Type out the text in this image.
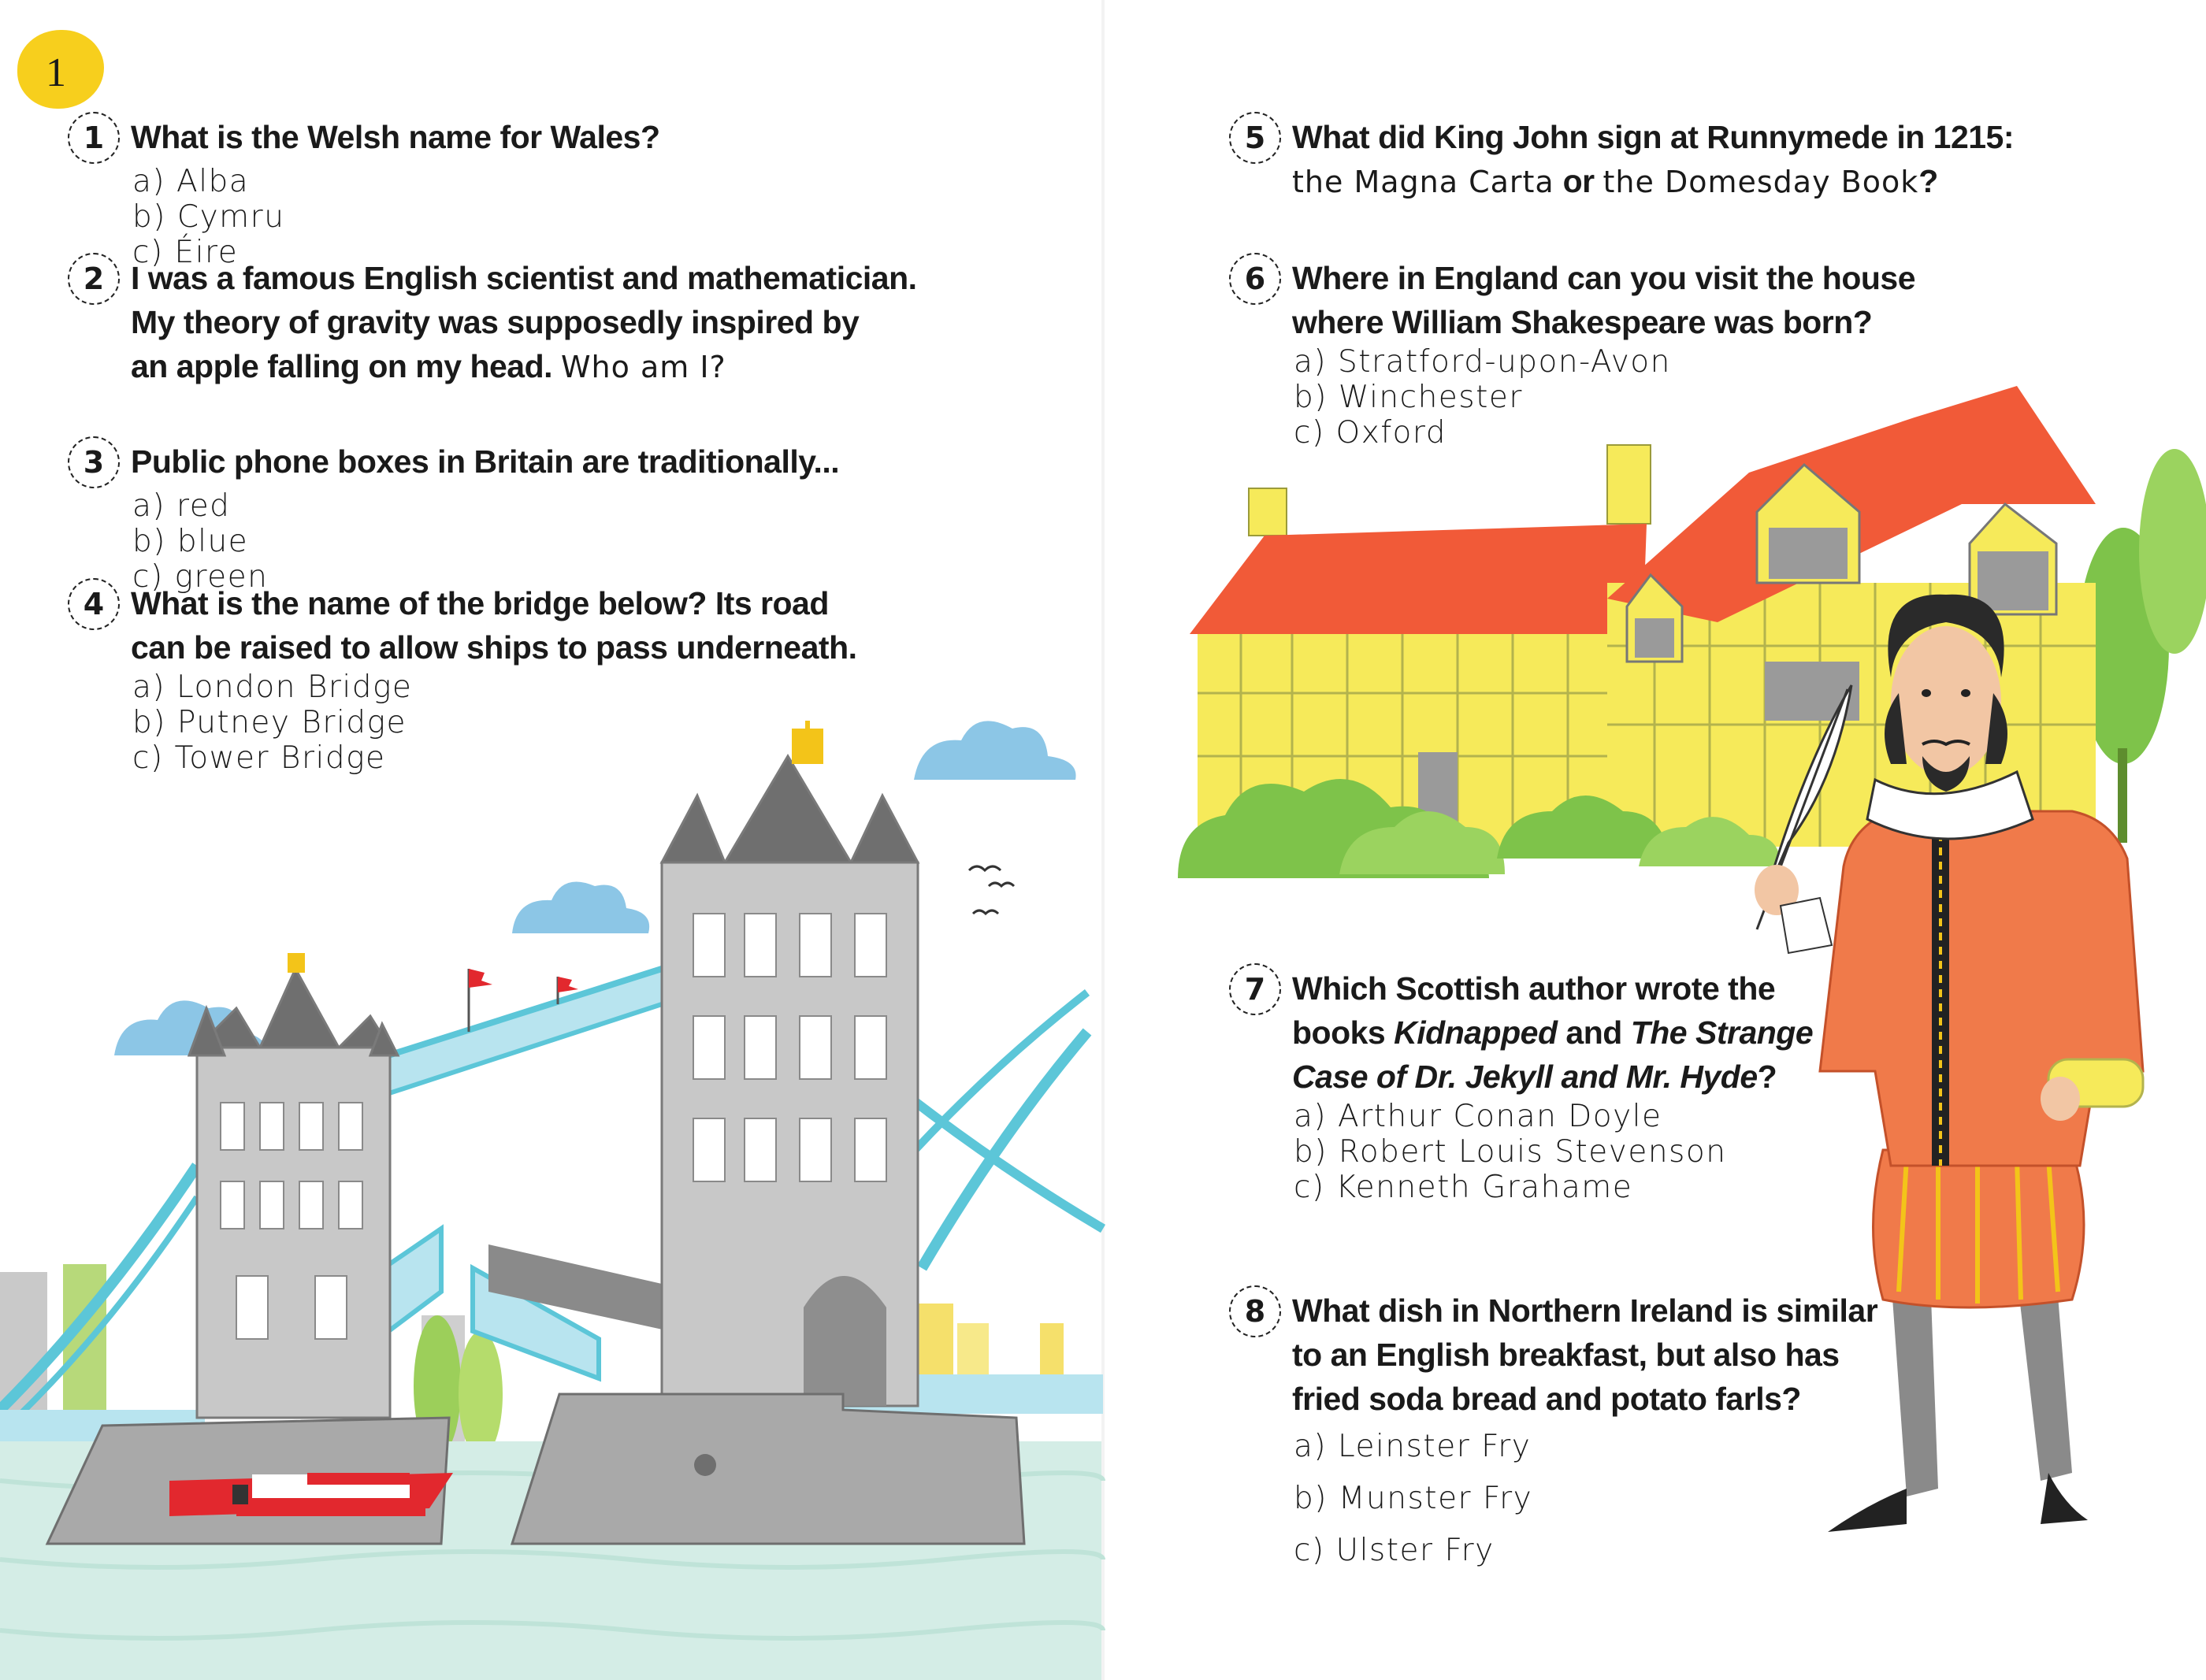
1
1 What is the Welsh name for Wales?
a) Alba
b) Cymru
c) Éire
2 I was a famous English scientist and mathematician.
My theory of gravity was supposedly inspired by
an apple falling on my head. Who am I?
3 Public phone boxes in Britain are traditionally...
a) red
b) blue
c) green
4 What is the name of the bridge below? Its road
can be raised to allow ships to pass underneath.
a) London Bridge
b) Putney Bridge
c) Tower Bridge
5 What did King John sign at Runnymede in 1215:
the Magna Carta or the Domesday Book?
6 Where in England can you visit the house
where William Shakespeare was born?
a) Stratford-upon-Avon
b) Winchester
c) Oxford
7 Which Scottish author wrote the
books Kidnapped and The Strange
Case of Dr. Jekyll and Mr. Hyde?
a) Arthur Conan Doyle
b) Robert Louis Stevenson
c) Kenneth Grahame
8 What dish in Northern Ireland is similar
to an English breakfast, but also has
fried soda bread and potato farls?
a) Leinster Fry
b) Munster Fry
c) Ulster Fry
